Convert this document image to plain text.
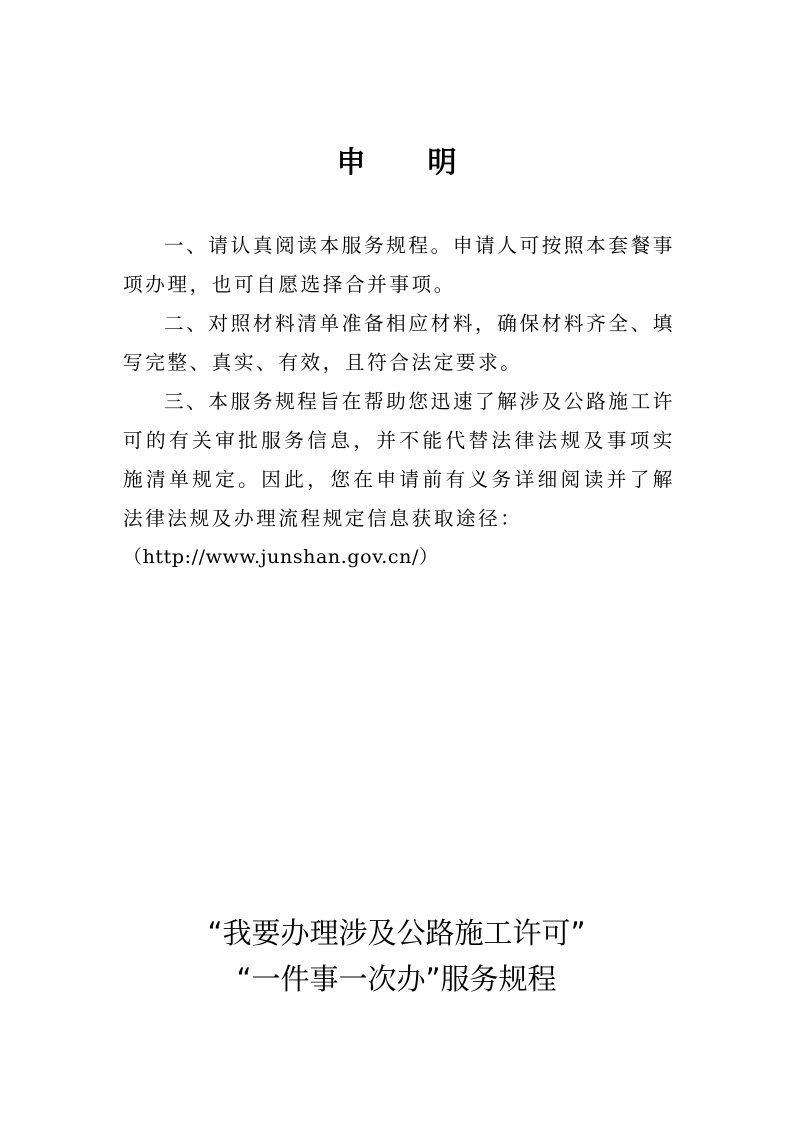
申 明

一、请认真阅读本服务规程。申请人可按照本套餐事项办理，也可自愿选择合并事项。

二、对照材料清单准备相应材料，确保材料齐全、填写完整、真实、有效，且符合法定要求。

三、本服务规程旨在帮助您迅速了解涉及公路施工许可的有关审批服务信息，并不能代替法律法规及事项实施清单规定。因此，您在申请前有义务详细阅读并了解法律法规及办理流程规定信息获取途径：

（http://www.junshan.gov.cn/）

“我要办理涉及公路施工许可”
“一件事一次办”服务规程
